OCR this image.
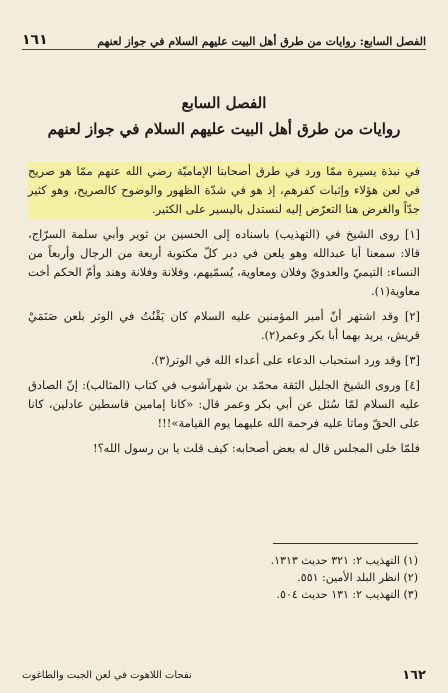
الفصل السابع: روايات من طرق أهل البيت عليهم السلام في جواز لعنهم
١٦١
الفصل السابع
روايات من طرق أهل البيت عليهم السلام في جواز لعنهم

في نبذة يسيرة ممّا ورد في طرق أصحابنا الإماميّة رضي الله عنهم ممّا هو صريح في لعن هؤلاء وإثبات كفرهم، إذ هو في شدّة الظهور والوضوح كالصريح، وهو كثير جدّاً والغرض هنا التعرّض إليه لنستدل باليسير على الكثير.

[١] روى الشيخ في (التهذيب) باسناده إلى الحسين بن ثوير وأبي سلمة السرّاج، قالا: سمعنا أبا عبدالله وهو يلعن في دبر كلّ مكتوبة أربعة من الرجال وأربعاً من النساء: التيميّ والعدويّ وفلان ومعاوية، يُسمّيهم، وفلانة وفلانة وهند وأمّ الحكم أخت معاوية(١).

[٢] وقد اشتهر أنّ أمير المؤمنين عليه السلام كان يَقْنُتُ في الوتر بلعن صَنَمَيْ قريش، يريد بهما أبا بكر وعمر(٢).

[٣] وقد ورد استحباب الدعاء على أعداء الله في الوتر(٣).

[٤] وروى الشيخ الجليل الثقة محمّد بن شهرآشوب في كتاب (المثالب): إنّ الصادق عليه السلام لمّا سُئل عن أبي بكر وعمر قال: «كانا إمامين قاسطين عادلين، كانا على الحقّ وماتا عليه فرحمة الله عليهما يوم القيامة»!!!

فلمّا خلى المجلس قال له بعض أصحابه: كيف قلت يا بن رسول الله؟!

(١) التهذيب ٢: ٣٢١ حديث ١٣١٣.
(٢) انظر البلد الأمين: ٥٥١.
(٣) التهذيب ٢: ١٣١ حديث ٥٠٤.
١٦٢
نفحات اللاهوت في لعن الجبت والطاغوت
